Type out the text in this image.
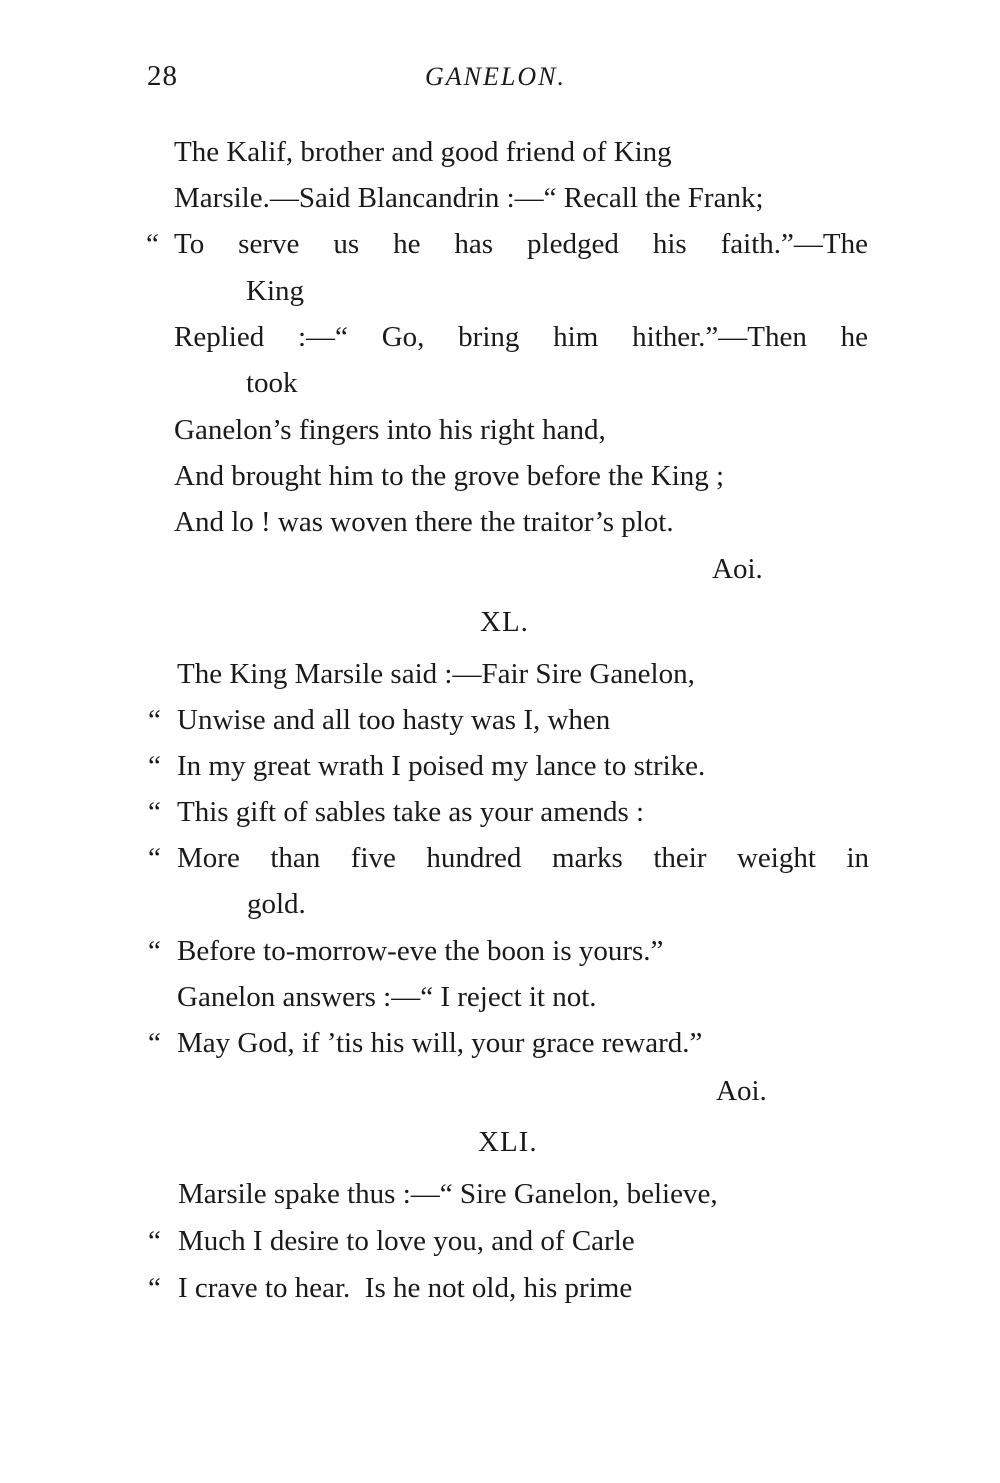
28	GANELON.
The Kalif, brother and good friend of King
Marsile.—Said Blancandrin :—“ Recall the Frank;
“ To serve us he has pledged his faith.”—The
King
Replied :—“ Go, bring him hither.”—Then he
took
Ganelon’s fingers into his right hand,
And brought him to the grove before the King ;
And lo ! was woven there the traitor’s plot.
Aoi.
XL.
The King Marsile said :—Fair Sire Ganelon,
“ Unwise and all too hasty was I, when
“ In my great wrath I poised my lance to strike.
“ This gift of sables take as your amends :
“ More than five hundred marks their weight in
gold.
“ Before to-morrow-eve the boon is yours.”
Ganelon answers :—“ I reject it not.
“ May God, if ’tis his will, your grace reward.”
Aoi.
XLI.
Marsile spake thus :—“ Sire Ganelon, believe,
“ Much I desire to love you, and of Carle
“ I crave to hear.  Is he not old, his prime
